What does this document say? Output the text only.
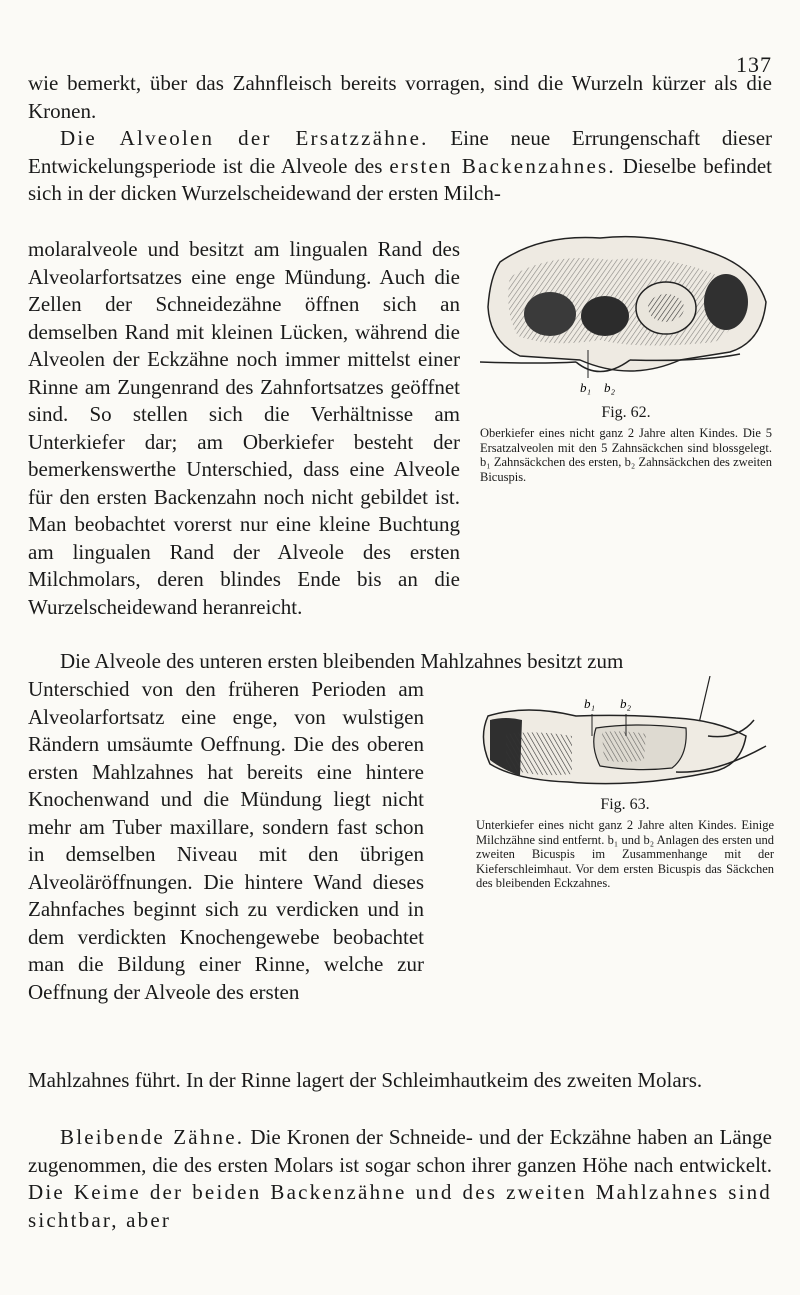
137

wie bemerkt, über das Zahnfleisch bereits vorragen, sind die Wurzeln kürzer als die Kronen.

Die Alveolen der Ersatzzähne. Eine neue Errungenschaft dieser Entwickelungsperiode ist die Alveole des ersten Backenzahnes. Dieselbe befindet sich in der dicken Wurzelscheidewand der ersten Milch-

molaralveole und besitzt am lingualen Rand des Alveolarfortsatzes eine enge Mündung. Auch die Zellen der Schneidezähne öffnen sich an demselben Rand mit kleinen Lücken, während die Alveolen der Eckzähne noch immer mittelst einer Rinne am Zungenrand des Zahnfortsatzes geöffnet sind. So stellen sich die Verhältnisse am Unterkiefer dar; am Oberkiefer besteht der bemerkenswerthe Unterschied, dass eine Alveole für den ersten Backenzahn noch nicht gebildet ist. Man beobachtet vorerst nur eine kleine Buchtung am lingualen Rand der Alveole des ersten Milchmolars, deren blindes Ende bis an die Wurzelscheidewand heranreicht.

b₁ b₂
Fig. 62.

Oberkiefer eines nicht ganz 2 Jahre alten Kindes. Die 5 Ersatzalveolen mit den 5 Zahnsäckchen sind blossgelegt. b₁ Zahnsäckchen des ersten, b₂ Zahnsäckchen des zweiten Bicuspis.

Die Alveole des unteren ersten bleibenden Mahlzahnes besitzt zum

Unterschied von den früheren Perioden am Alveolarfortsatz eine enge, von wulstigen Rändern umsäumte Oeffnung. Die des oberen ersten Mahlzahnes hat bereits eine hintere Knochenwand und die Mündung liegt nicht mehr am Tuber maxillare, sondern fast schon in demselben Niveau mit den übrigen Alveoläröffnungen. Die hintere Wand dieses Zahnfaches beginnt sich zu verdicken und in dem verdickten Knochengewebe beobachtet man die Bildung einer Rinne, welche zur Oeffnung der Alveole des ersten

b₁ b₂
Fig. 63.

Unterkiefer eines nicht ganz 2 Jahre alten Kindes. Einige Milchzähne sind entfernt. b₁ und b₂ Anlagen des ersten und zweiten Bicuspis im Zusammenhange mit der Kieferschleimhaut. Vor dem ersten Bicuspis das Säckchen des bleibenden Eckzahnes.

Mahlzahnes führt. In der Rinne lagert der Schleimhautkeim des zweiten Molars.

Bleibende Zähne. Die Kronen der Schneide- und der Eckzähne haben an Länge zugenommen, die des ersten Molars ist sogar schon ihrer ganzen Höhe nach entwickelt. Die Keime der beiden Backenzähne und des zweiten Mahlzahnes sind sichtbar, aber
